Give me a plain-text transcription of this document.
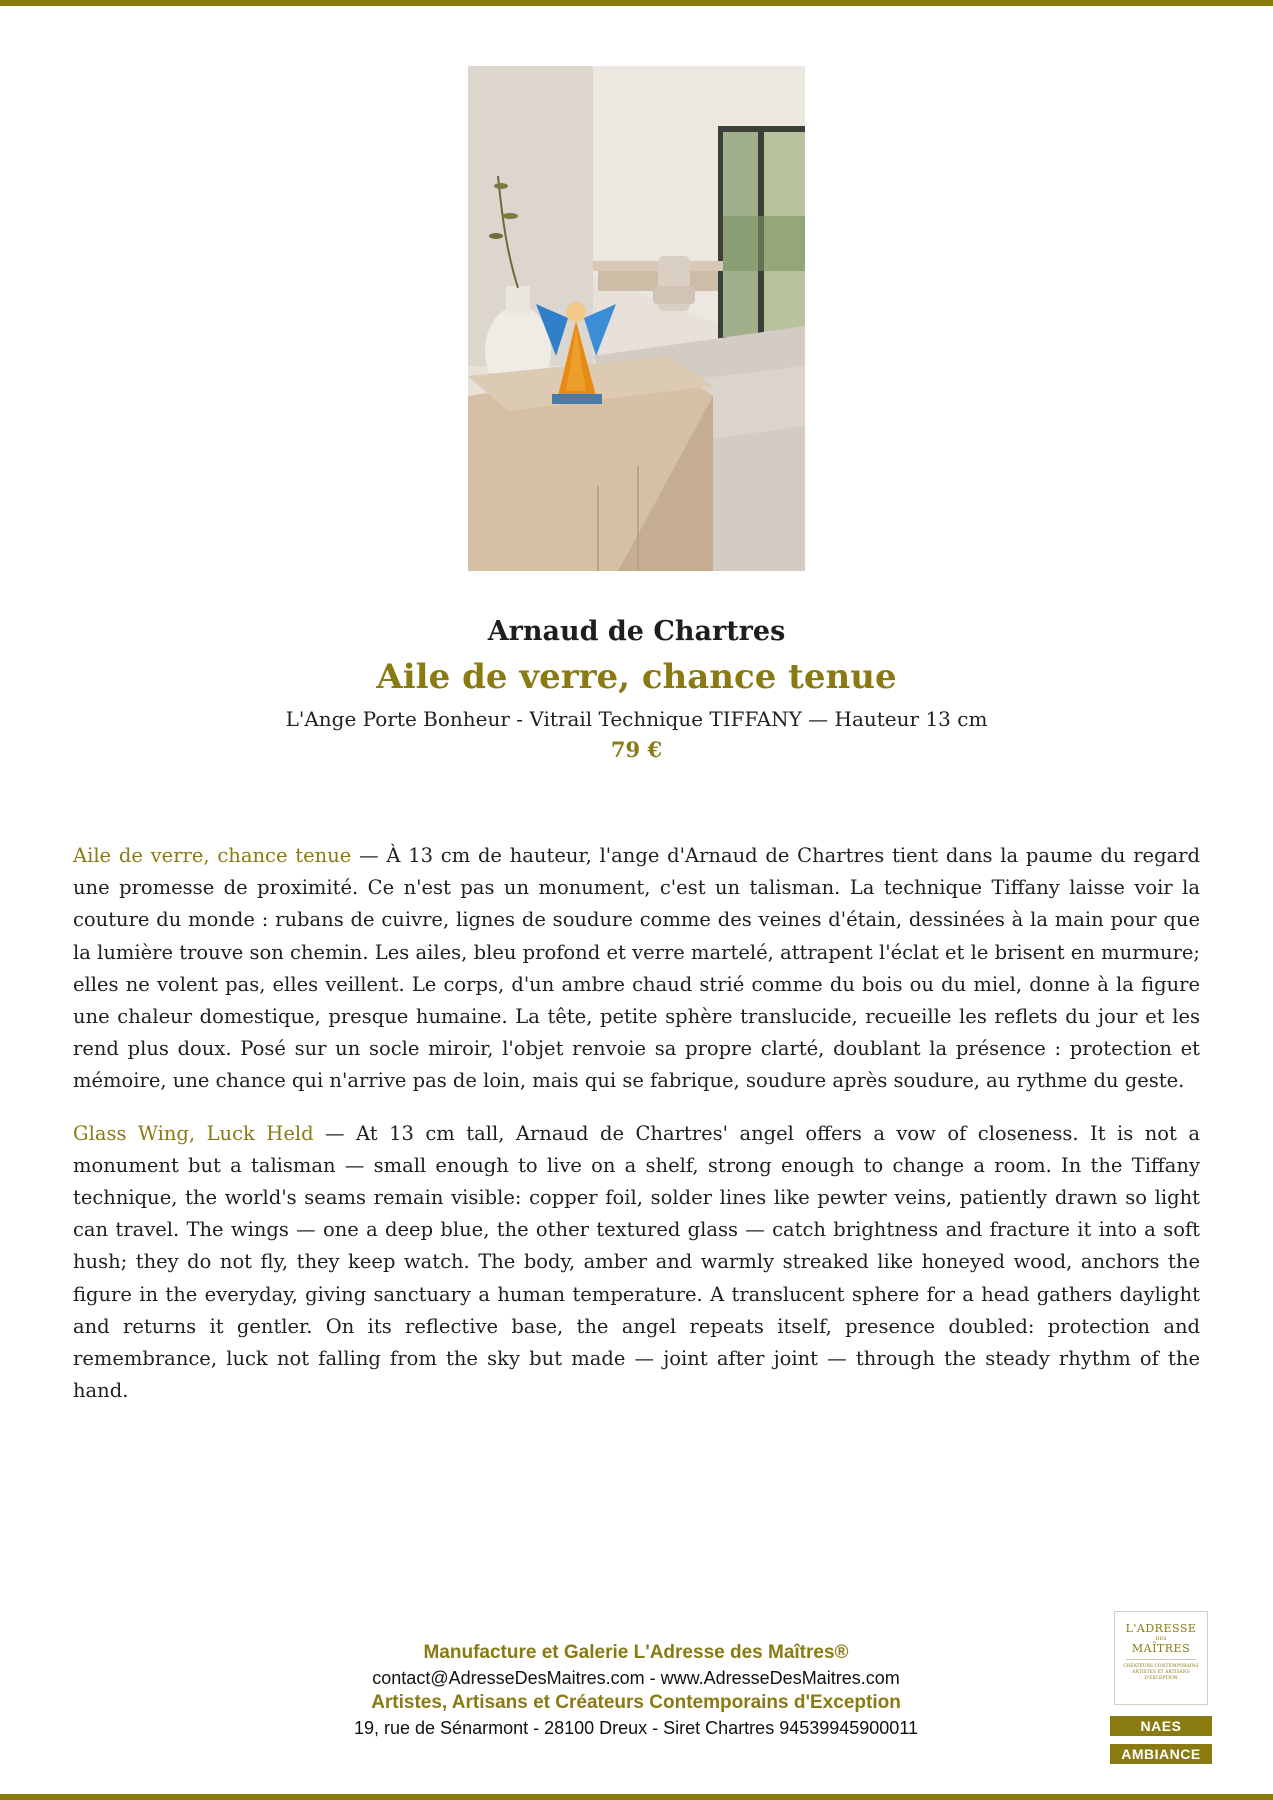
Arnaud de Chartres
Aile de verre, chance tenue
L'Ange Porte Bonheur - Vitrail Technique TIFFANY — Hauteur 13 cm
79 €

Aile de verre, chance tenue — À 13 cm de hauteur, l'ange d'Arnaud de Chartres tient dans la paume du regard une promesse de proximité. Ce n'est pas un monument, c'est un talisman. La technique Tiffany laisse voir la couture du monde : rubans de cuivre, lignes de soudure comme des veines d'étain, dessinées à la main pour que la lumière trouve son chemin. Les ailes, bleu profond et verre martelé, attrapent l'éclat et le brisent en murmure; elles ne volent pas, elles veillent. Le corps, d'un ambre chaud strié comme du bois ou du miel, donne à la figure une chaleur domestique, presque humaine. La tête, petite sphère translucide, recueille les reflets du jour et les rend plus doux. Posé sur un socle miroir, l'objet renvoie sa propre clarté, doublant la présence : protection et mémoire, une chance qui n'arrive pas de loin, mais qui se fabrique, soudure après soudure, au rythme du geste.

Glass Wing, Luck Held — At 13 cm tall, Arnaud de Chartres' angel offers a vow of closeness. It is not a monument but a talisman — small enough to live on a shelf, strong enough to change a room. In the Tiffany technique, the world's seams remain visible: copper foil, solder lines like pewter veins, patiently drawn so light can travel. The wings — one a deep blue, the other textured glass — catch brightness and fracture it into a soft hush; they do not fly, they keep watch. The body, amber and warmly streaked like honeyed wood, anchors the figure in the everyday, giving sanctuary a human temperature. A translucent sphere for a head gathers daylight and returns it gentler. On its reflective base, the angel repeats itself, presence doubled: protection and remembrance, luck not falling from the sky but made — joint after joint — through the steady rhythm of the hand.

Manufacture et Galerie L'Adresse des Maîtres®
contact@AdresseDesMaitres.com - www.AdresseDesMaitres.com
Artistes, Artisans et Créateurs Contemporains d'Exception
19, rue de Sénarmont - 28100 Dreux - Siret Chartres 94539945900011
L'ADRESSE
DES
MAÎTRES
CRÉATEURS CONTEMPORAINS ARTISTES ET ARTISANS D'EXCEPTION
NAES
AMBIANCE
